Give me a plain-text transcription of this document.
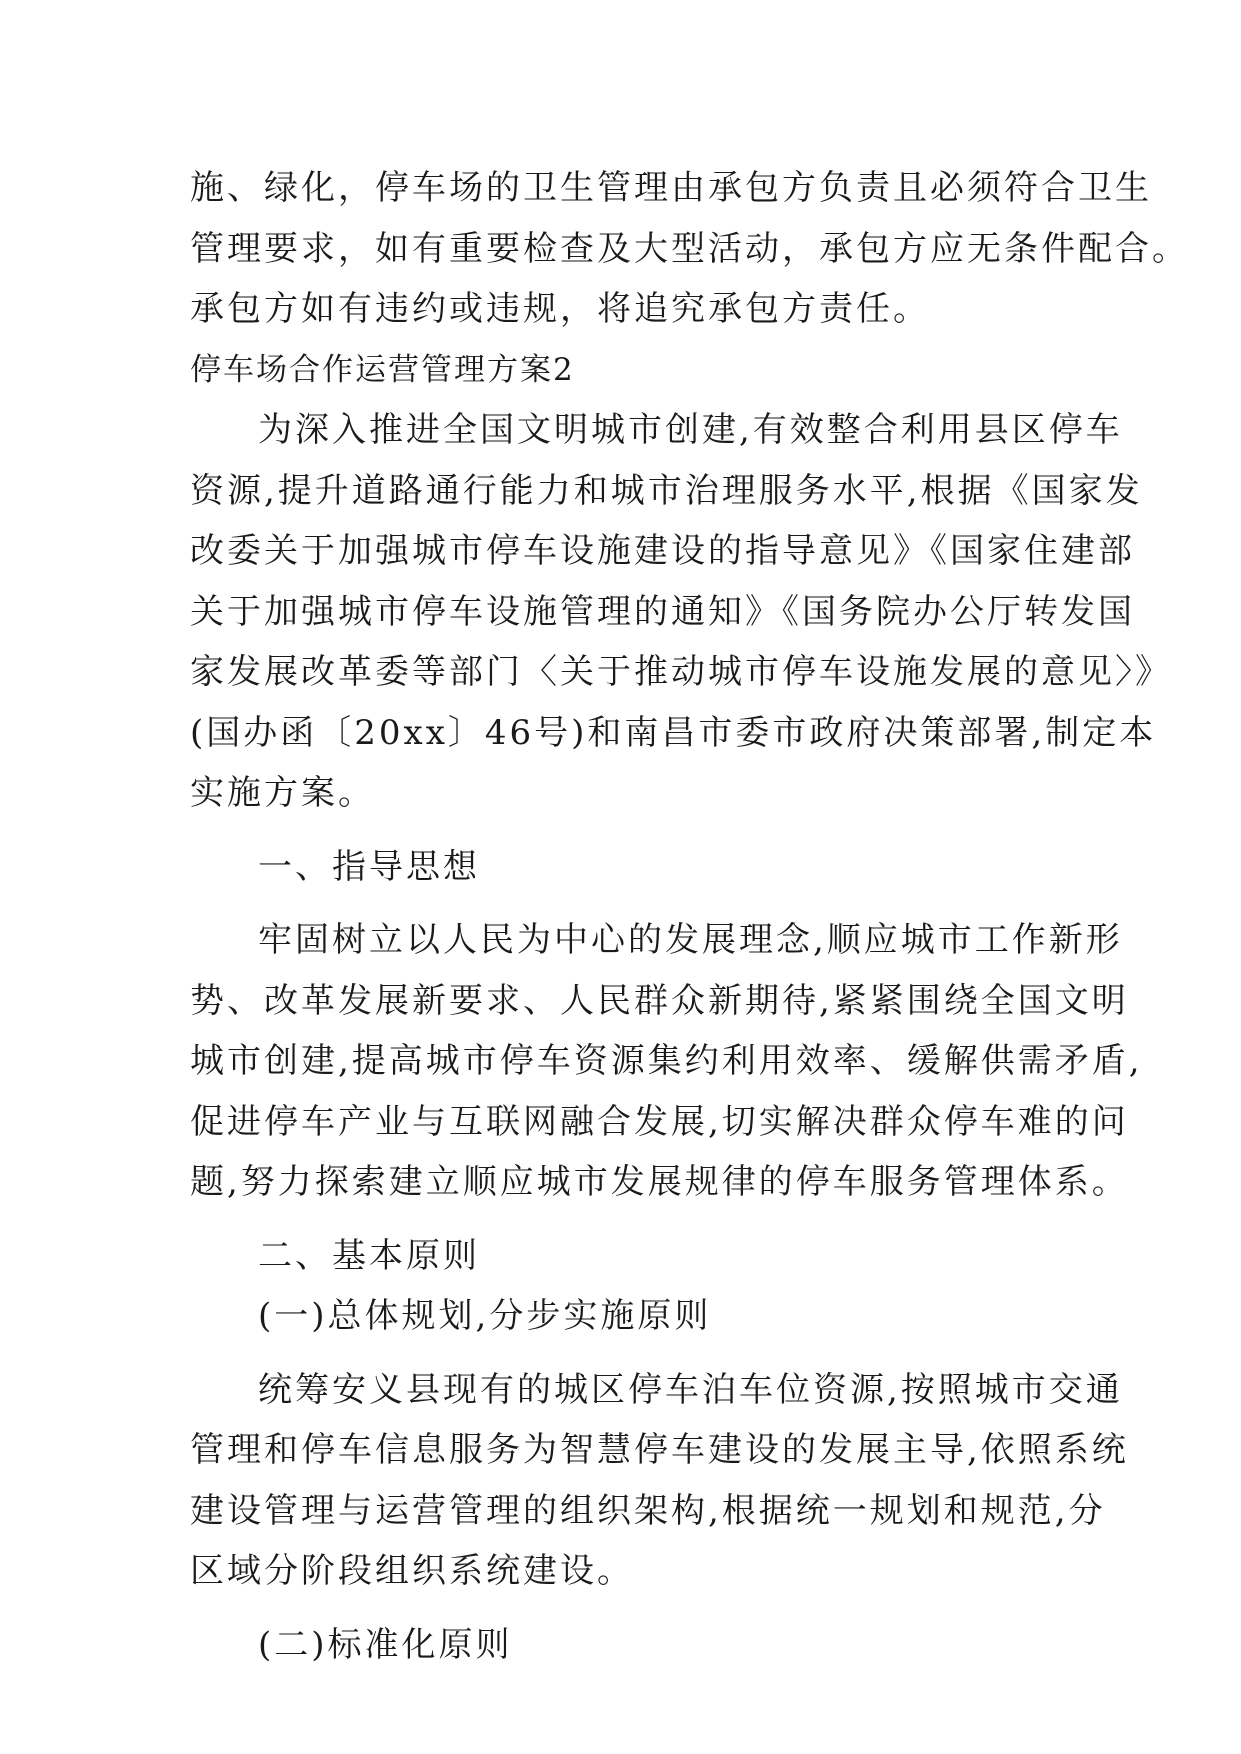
施、绿化，停车场的卫生管理由承包方负责且必须符合卫生
管理要求，如有重要检查及大型活动，承包方应无条件配合。
承包方如有违约或违规，将追究承包方责任。
停车场合作运营管理方案2
为深入推进全国文明城市创建,有效整合利用县区停车
资源,提升道路通行能力和城市治理服务水平,根据《国家发
改委关于加强城市停车设施建设的指导意见》《国家住建部
关于加强城市停车设施管理的通知》《国务院办公厅转发国
家发展改革委等部门〈关于推动城市停车设施发展的意见〉》
(国办函〔20xx〕46号)和南昌市委市政府决策部署,制定本
实施方案。
一、指导思想
牢固树立以人民为中心的发展理念,顺应城市工作新形
势、改革发展新要求、人民群众新期待,紧紧围绕全国文明
城市创建,提高城市停车资源集约利用效率、缓解供需矛盾,
促进停车产业与互联网融合发展,切实解决群众停车难的问
题,努力探索建立顺应城市发展规律的停车服务管理体系。
二、基本原则
(一)总体规划,分步实施原则
统筹安义县现有的城区停车泊车位资源,按照城市交通
管理和停车信息服务为智慧停车建设的发展主导,依照系统
建设管理与运营管理的组织架构,根据统一规划和规范,分
区域分阶段组织系统建设。
(二)标准化原则
